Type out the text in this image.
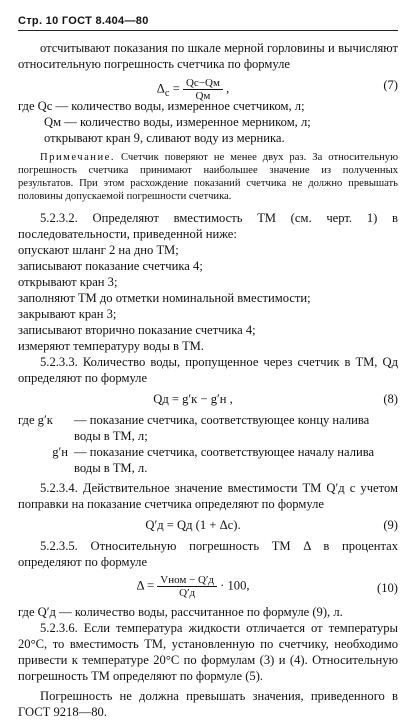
Стр. 10 ГОСТ 8.404—80

отсчитывают показания по шкале мерной горловины и вычисляют относительную погрешность счетчика по формуле

$\Delta_с = \frac{Qс-Qм}{Qм}$ ,	(7)

где Qс — количество воды, измеренное счетчиком, л;

Qм — количество воды, измеренное мерником, л;

открывают кран 9, сливают воду из мерника.

Примечание. Счетчик поверяют не менее двух раз. За относительную погрешность счетчика принимают наибольшее значение из полученных результатов. При этом расхождение показаний счетчика не должно превышать половины допускаемой погрешности счетчика.

5.2.3.2. Определяют вместимость ТМ (см. черт. 1) в последовательности, приведенной ниже:

опускают шланг 2 на дно ТМ;

записывают показание счетчика 4;

открывают кран 3;

заполняют ТМ до отметки номинальной вместимости;

закрывают кран 3;

записывают вторично показание счетчика 4;

измеряют температуру воды в ТМ.

5.2.3.3. Количество воды, пропущенное через счетчик в ТМ, Qд определяют по формуле

Qд = g′к − g′н ,	(8)
где g′к	— показание счетчика, соответствующее концу налива воды в ТМ, л;
g′н — показание счетчика, соответствующее началу налива воды в ТМ, л.

5.2.3.4. Действительное значение вместимости ТМ Q′д с учетом поправки на показание счетчика определяют по формуле

Q′д = Qд (1 + Δс).	(9)

5.2.3.5. Относительную погрешность ТМ Δ в процентах определяют по формуле

$\Delta = \frac{\text{Vном − Q′д}}{Q'д} \cdot 100$,	(10)

где Q′д — количество воды, рассчитанное по формуле (9), л.

5.2.3.6. Если температура жидкости отличается от температуры 20°С, то вместимость ТМ, установленную по счетчику, необходимо привести к температуре 20°С по формулам (3) и (4). Относительную погрешность ТМ определяют по формуле (5).

Погрешность не должна превышать значения, приведенного в ГОСТ 9218—80.
